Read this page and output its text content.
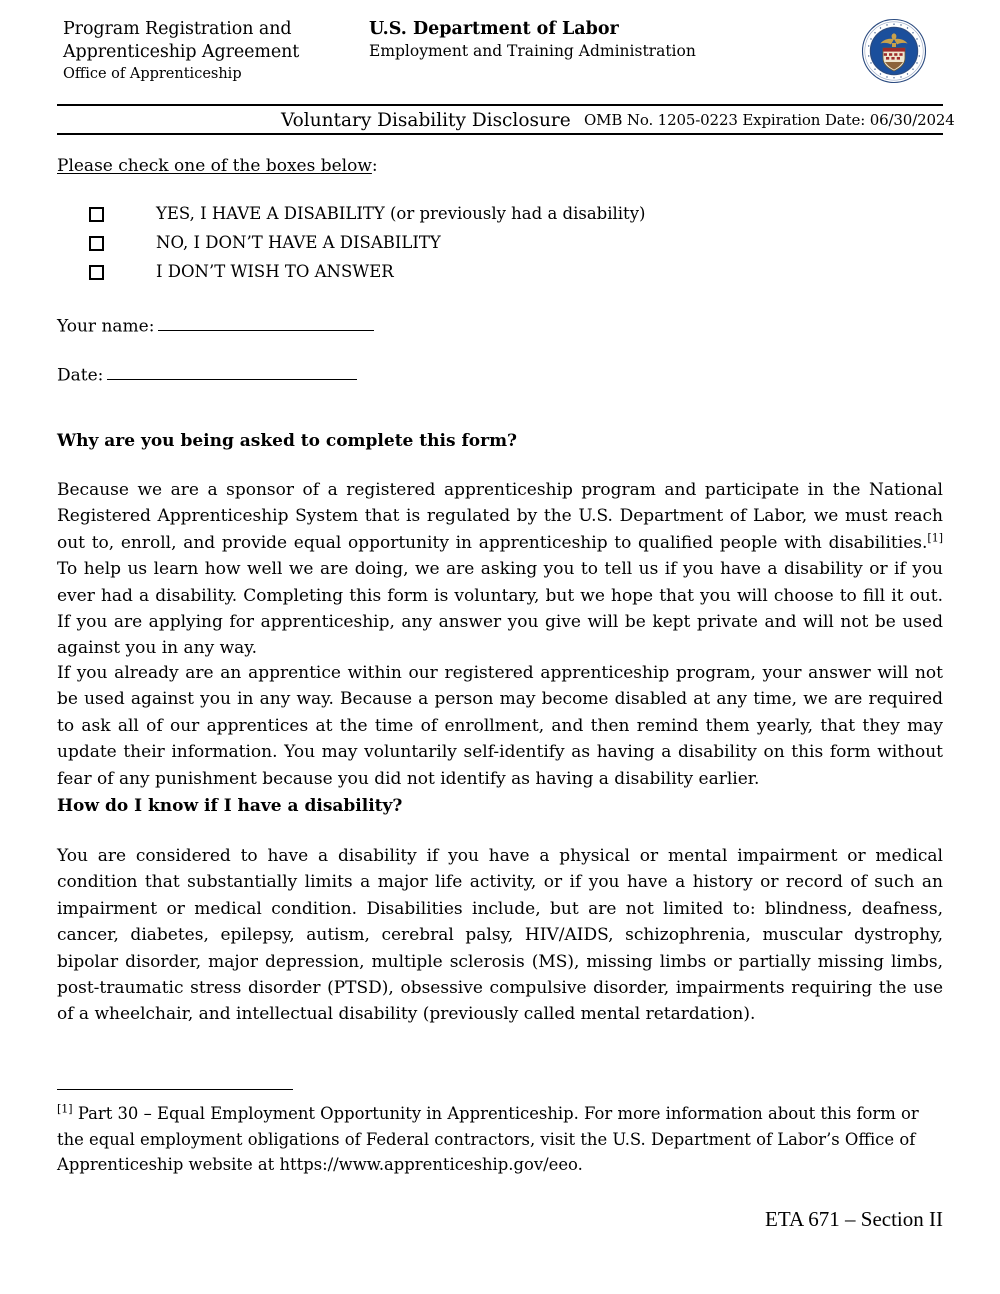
Program Registration and
Apprenticeship Agreement
Office of Apprenticeship
U.S. Department of Labor
Employment and Training Administration
Voluntary Disability Disclosure OMB No. 1205-0223 Expiration Date: 06/30/2024
Please check one of the boxes below:
YES, I HAVE A DISABILITY (or previously had a disability)
NO, I DON’T HAVE A DISABILITY
I DON’T WISH TO ANSWER
Your name:
Date:
Why are you being asked to complete this form?
Because we are a sponsor of a registered apprenticeship program and participate in the National Registered Apprenticeship System that is regulated by the U.S. Department of Labor, we must reach out to, enroll, and provide equal opportunity in apprenticeship to qualified people with disabilities.[1] To help us learn how well we are doing, we are asking you to tell us if you have a disability or if you ever had a disability. Completing this form is voluntary, but we hope that you will choose to fill it out. If you are applying for apprenticeship, any answer you give will be kept private and will not be used against you in any way.
If you already are an apprentice within our registered apprenticeship program, your answer will not be used against you in any way. Because a person may become disabled at any time, we are required to ask all of our apprentices at the time of enrollment, and then remind them yearly, that they may update their information. You may voluntarily self-identify as having a disability on this form without fear of any punishment because you did not identify as having a disability earlier.
How do I know if I have a disability?
You are considered to have a disability if you have a physical or mental impairment or medical condition that substantially limits a major life activity, or if you have a history or record of such an impairment or medical condition. Disabilities include, but are not limited to: blindness, deafness, cancer, diabetes, epilepsy, autism, cerebral palsy, HIV/AIDS, schizophrenia, muscular dystrophy, bipolar disorder, major depression, multiple sclerosis (MS), missing limbs or partially missing limbs, post-traumatic stress disorder (PTSD), obsessive compulsive disorder, impairments requiring the use of a wheelchair, and intellectual disability (previously called mental retardation).
[1] Part 30 – Equal Employment Opportunity in Apprenticeship. For more information about this form or the equal employment obligations of Federal contractors, visit the U.S. Department of Labor’s Office of Apprenticeship website at https://www.apprenticeship.gov/eeo.
ETA 671 – Section II
